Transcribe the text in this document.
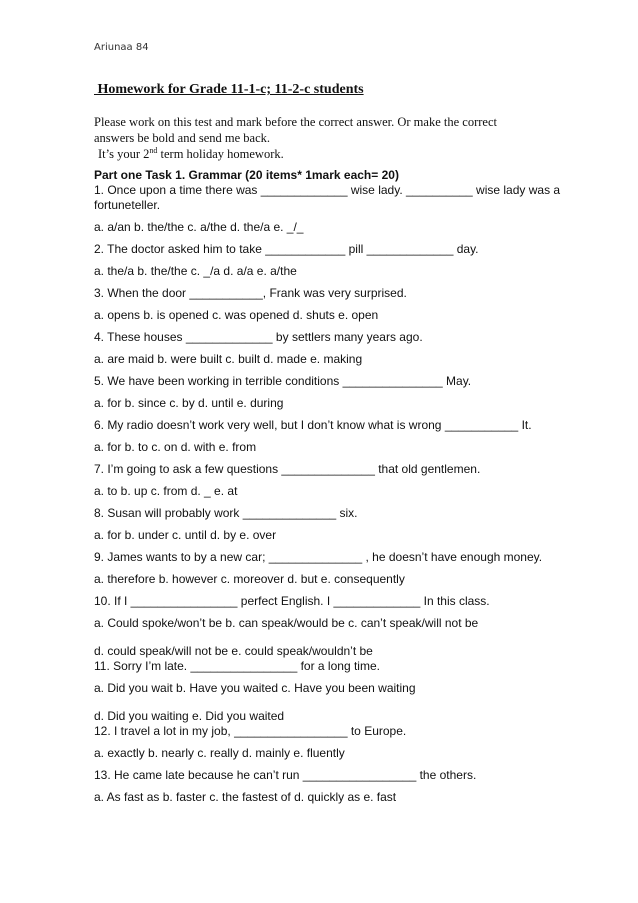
Ariunaa 84
Homework for Grade 11-1-c; 11-2-c students
Please work on this test and mark before the correct answer. Or make the correct
answers be bold and send me back.
It’s your 2nd term holiday homework.
Part one Task 1. Grammar (20 items* 1mark each= 20)
1. Once upon a time there was _____________ wise lady. __________ wise lady was a fortuneteller.
a. a/an b. the/the c. a/the d. the/a e. _/_
2. The doctor asked him to take ____________ pill _____________ day.
a. the/a b. the/the c. _/a d. a/a e. a/the
3. When the door ___________, Frank was very surprised.
a. opens b. is opened c. was opened d. shuts e. open
4. These houses _____________ by settlers many years ago.
a. are maid b. were built c. built d. made e. making
5. We have been working in terrible conditions _______________ May.
a. for b. since c. by d. until e. during
6. My radio doesn’t work very well, but I don’t know what is wrong ___________ It.
a. for b. to c. on d. with e. from
7. I’m going to ask a few questions ______________ that old gentlemen.
a. to b. up c. from d. _ e. at
8. Susan will probably work ______________ six.
a. for b. under c. until d. by e. over
9. James wants to by a new car; ______________ , he doesn’t have enough money.
a. therefore b. however c. moreover d. but e. consequently
10. If I ________________ perfect English. I _____________ In this class.
a. Could spoke/won’t be b. can speak/would be c. can’t speak/will not be
d. could speak/will not be e. could speak/wouldn’t be
11. Sorry I’m late. ________________ for a long time.
a. Did you wait b. Have you waited c. Have you been waiting
d. Did you waiting e. Did you waited
12. I travel a lot in my job, _________________ to Europe.
a. exactly b. nearly c. really d. mainly e. fluently
13. He came late because he can’t run _________________ the others.
a. As fast as b. faster c. the fastest of d. quickly as e. fast
